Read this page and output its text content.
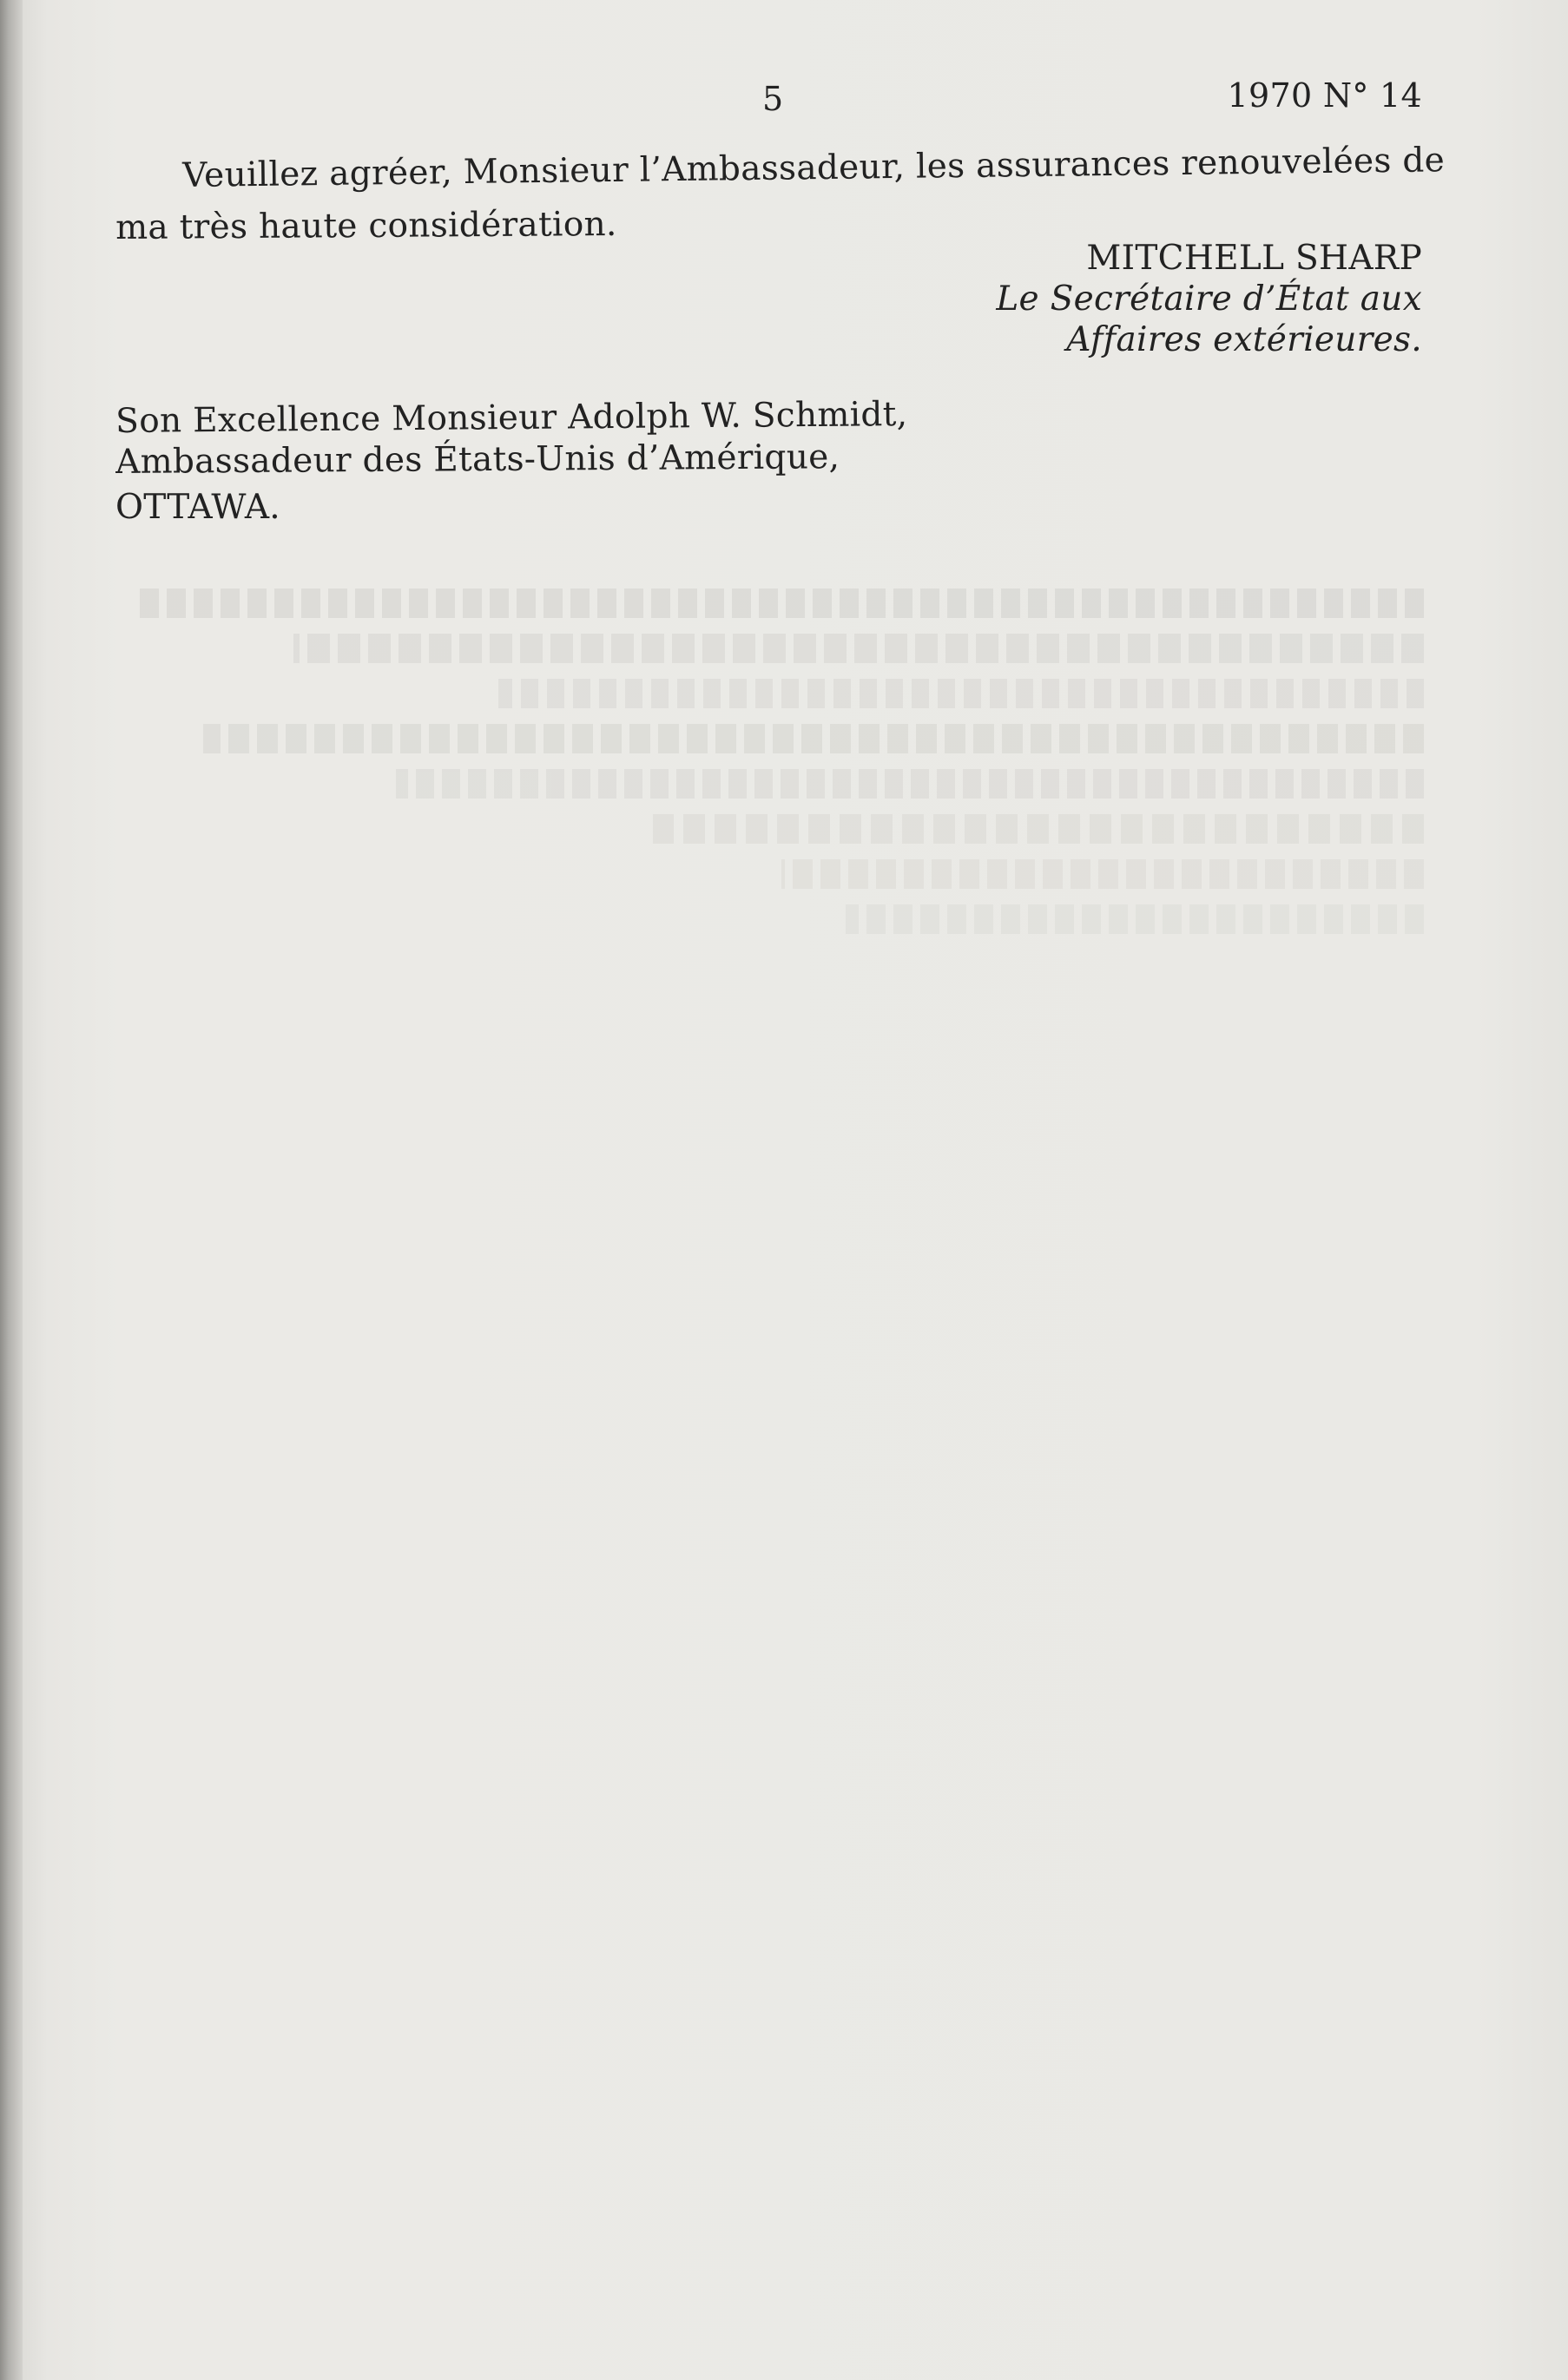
5	1970 N° 14
Veuillez agréer, Monsieur l’Ambassadeur, les assurances renouvelées de
ma très haute considération.
MITCHELL SHARP
Le Secrétaire d’État aux
Affaires extérieures.
Son Excellence Monsieur Adolph W. Schmidt,
Ambassadeur des États-Unis d’Amérique,
OTTAWA.
